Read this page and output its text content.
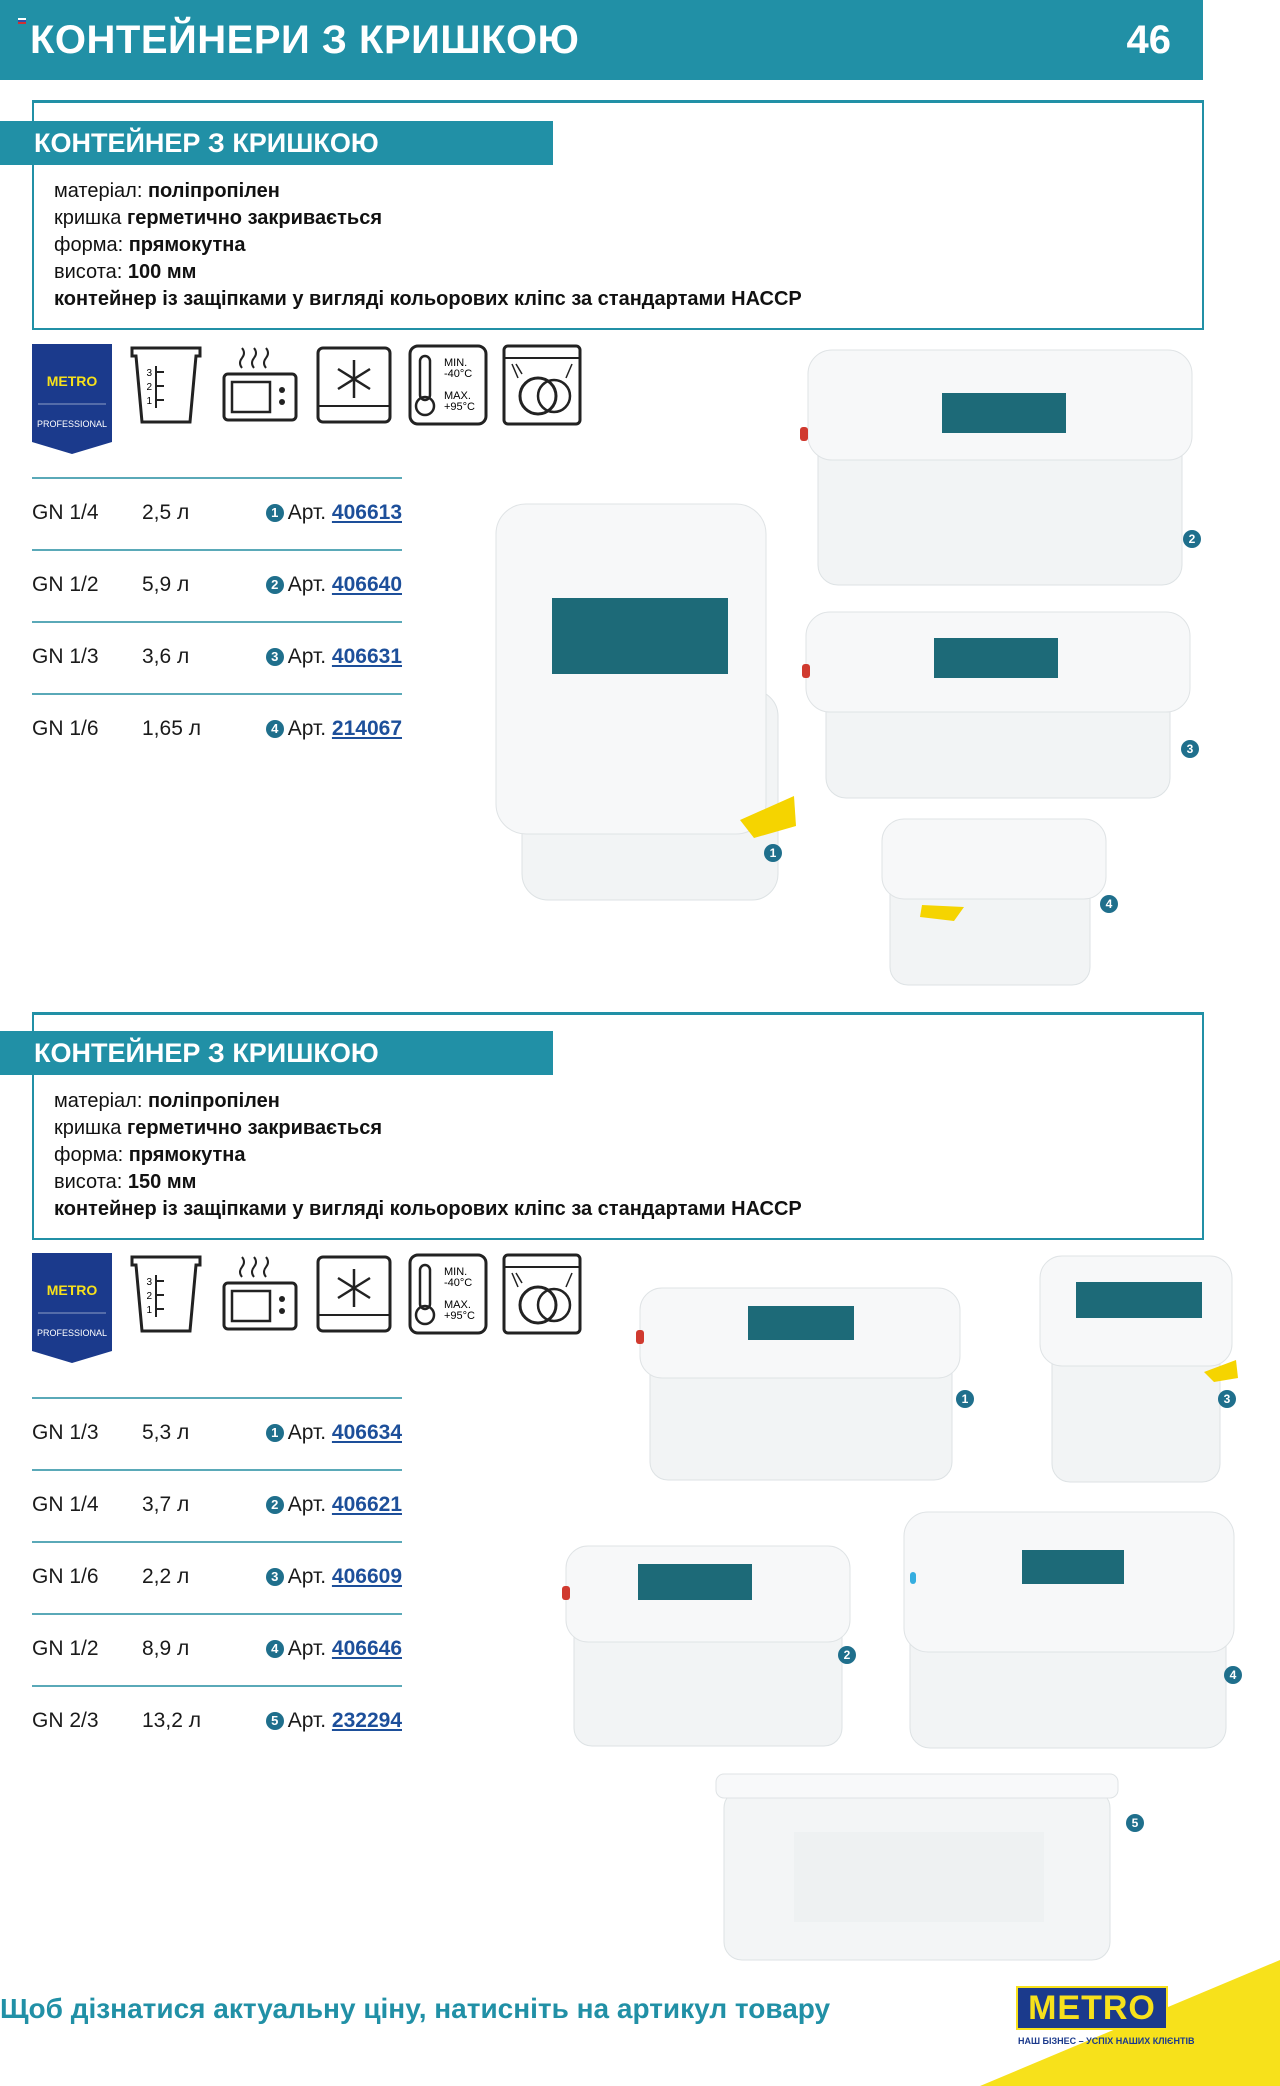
КОНТЕЙНЕРИ З КРИШКОЮ	46
КОНТЕЙНЕР З КРИШКОЮ
матеріал: поліпропілен
кришка герметично закривається
форма: прямокутна
висота: 100 мм
контейнер із защіпками у вигляді кольорових кліпс за стандартами НАССР
METRO
PROFESSIONAL
3
2
1
MIN.
-40°C
MAX.
+95°C
GN 1/4 2,5 л	1 Арт. 406613
GN 1/2 5,9 л	2 Арт. 406640
GN 1/3 3,6 л	3 Арт. 406631
GN 1/6 1,65 л	4 Арт. 214067
2
3
1
4
КОНТЕЙНЕР З КРИШКОЮ
матеріал: поліпропілен
кришка герметично закривається
форма: прямокутна
висота: 150 мм
контейнер із защіпками у вигляді кольорових кліпс за стандартами НАССР
METRO
PROFESSIONAL
3
2
1
MIN.
-40°C
MAX.
+95°C
GN 1/3 5,3 л	1 Арт. 406634
GN 1/4 3,7 л	2 Арт. 406621
GN 1/6 2,2 л	3 Арт. 406609
GN 1/2 8,9 л	4 Арт. 406646
GN 2/3 13,2 л	5 Арт. 232294
1	3
2
4
5
Щоб дізнатися актуальну ціну, натисніть на артикул товару	METRO
НАШ БІЗНЕС – УСПІХ НАШИХ КЛІЄНТІВ
